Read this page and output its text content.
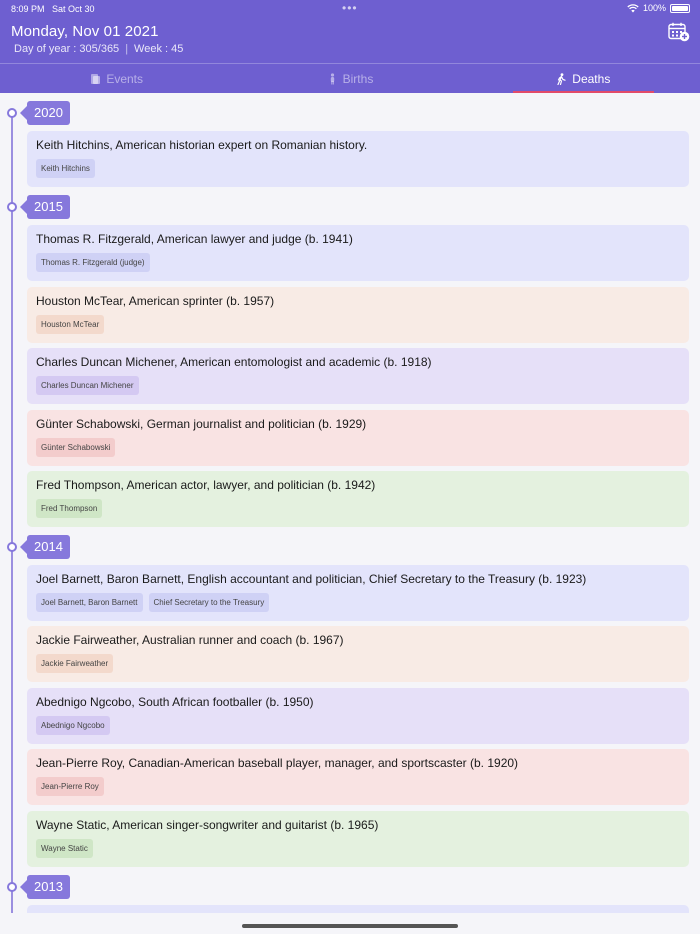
8:09 PM Sat Oct 30	•••	100%
Monday, Nov 01 2021
Day of year : 305/365 | Week : 45
Events	Births	Deaths
2020
Keith Hitchins, American historian expert on Romanian history.
Keith Hitchins
2015
Thomas R. Fitzgerald, American lawyer and judge (b. 1941)
Thomas R. Fitzgerald (judge)
Houston McTear, American sprinter (b. 1957)
Houston McTear
Charles Duncan Michener, American entomologist and academic (b. 1918)
Charles Duncan Michener
Günter Schabowski, German journalist and politician (b. 1929)
Günter Schabowski
Fred Thompson, American actor, lawyer, and politician (b. 1942)
Fred Thompson
2014
Joel Barnett, Baron Barnett, English accountant and politician, Chief Secretary to the Treasury (b. 1923)
Joel Barnett, Baron Barnett	Chief Secretary to the Treasury
Jackie Fairweather, Australian runner and coach (b. 1967)
Jackie Fairweather
Abednigo Ngcobo, South African footballer (b. 1950)
Abednigo Ngcobo
Jean-Pierre Roy, Canadian-American baseball player, manager, and sportscaster (b. 1920)
Jean-Pierre Roy
Wayne Static, American singer-songwriter and guitarist (b. 1965)
Wayne Static
2013
